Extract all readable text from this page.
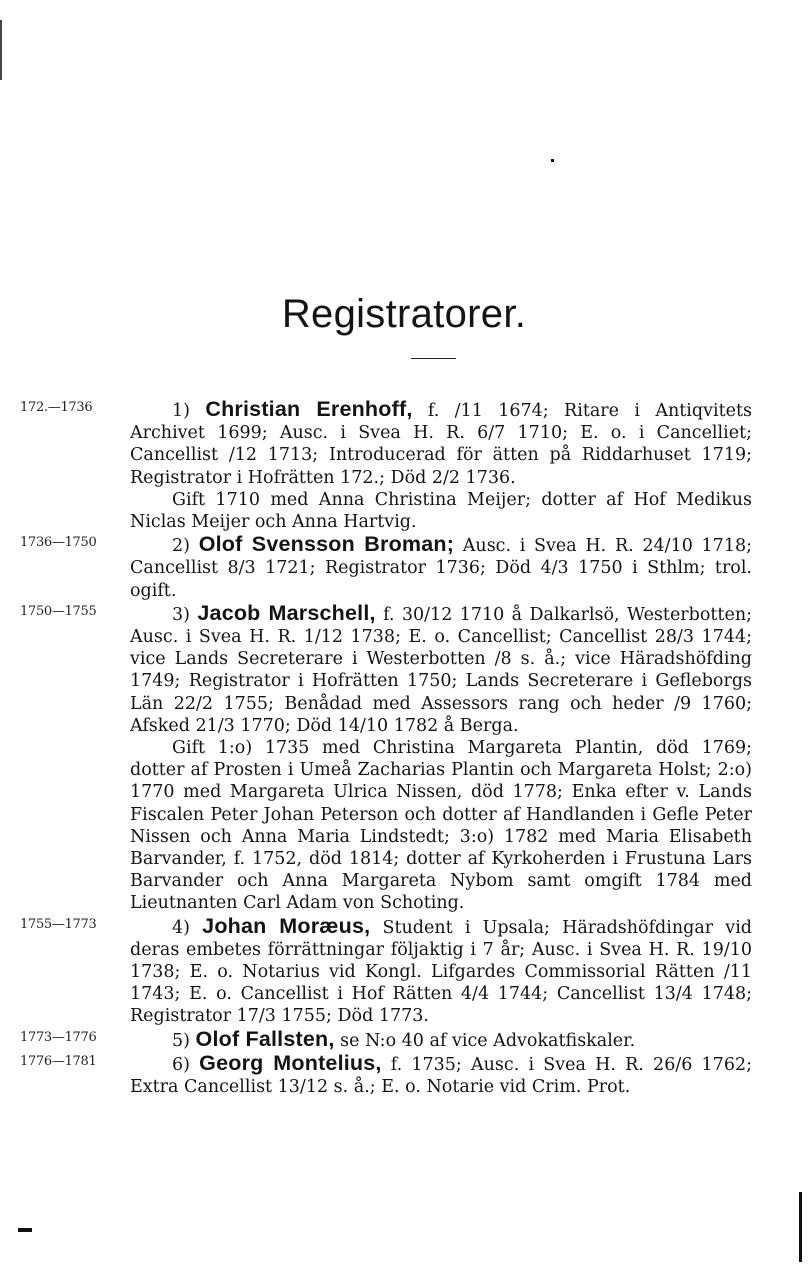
Registratorer.
172.—1736	1) Christian Erenhoff, f. /11 1674; Ritare i Antiqvitets Archivet 1699; Ausc. i Svea H. R. 6/7 1710; E. o. i Cancelliet; Cancellist /12 1713; Introducerad för ätten på Riddarhuset 1719; Registrator i Hofrätten 172.; Död 2/2 1736.

Gift 1710 med Anna Christina Meijer; dotter af Hof Medikus Niclas Meijer och Anna Hartvig.

1736—1750	2) Olof Svensson Broman; Ausc. i Svea H. R. 24/10 1718; Cancellist 8/3 1721; Registrator 1736; Död 4/3 1750 i Sthlm; trol. ogift.

1750—1755	3) Jacob Marschell, f. 30/12 1710 å Dalkarlsö, Westerbotten; Ausc. i Svea H. R. 1/12 1738; E. o. Cancellist; Cancellist 28/3 1744; vice Lands Secreterare i Westerbotten /8 s. å.; vice Häradshöfding 1749; Registrator i Hofrätten 1750; Lands Secreterare i Gefleborgs Län 22/2 1755; Benådad med Assessors rang och heder /9 1760; Afsked 21/3 1770; Död 14/10 1782 å Berga.

Gift 1:o) 1735 med Christina Margareta Plantin, död 1769; dotter af Prosten i Umeå Zacharias Plantin och Margareta Holst; 2:o) 1770 med Margareta Ulrica Nissen, död 1778; Enka efter v. Lands Fiscalen Peter Johan Peterson och dotter af Handlanden i Gefle Peter Nissen och Anna Maria Lindstedt; 3:o) 1782 med Maria Elisabeth Barvander, f. 1752, död 1814; dotter af Kyrkoherden i Frustuna Lars Barvander och Anna Margareta Nybom samt omgift 1784 med Lieutnanten Carl Adam von Schoting.

1755—1773	4) Johan Moræus, Student i Upsala; Häradshöfdingar vid deras embetes förrättningar följaktig i 7 år; Ausc. i Svea H. R. 19/10 1738; E. o. Notarius vid Kongl. Lifgardes Commissorial Rätten /11 1743; E. o. Cancellist i Hof Rätten 4/4 1744; Cancellist 13/4 1748; Registrator 17/3 1755; Död 1773.

1773—1776	5) Olof Fallsten, se N:o 40 af vice Advokatfiskaler.

1776—1781	6) Georg Montelius, f. 1735; Ausc. i Svea H. R. 26/6 1762; Extra Cancellist 13/12 s. å.; E. o. Notarie vid Crim. Prot.
